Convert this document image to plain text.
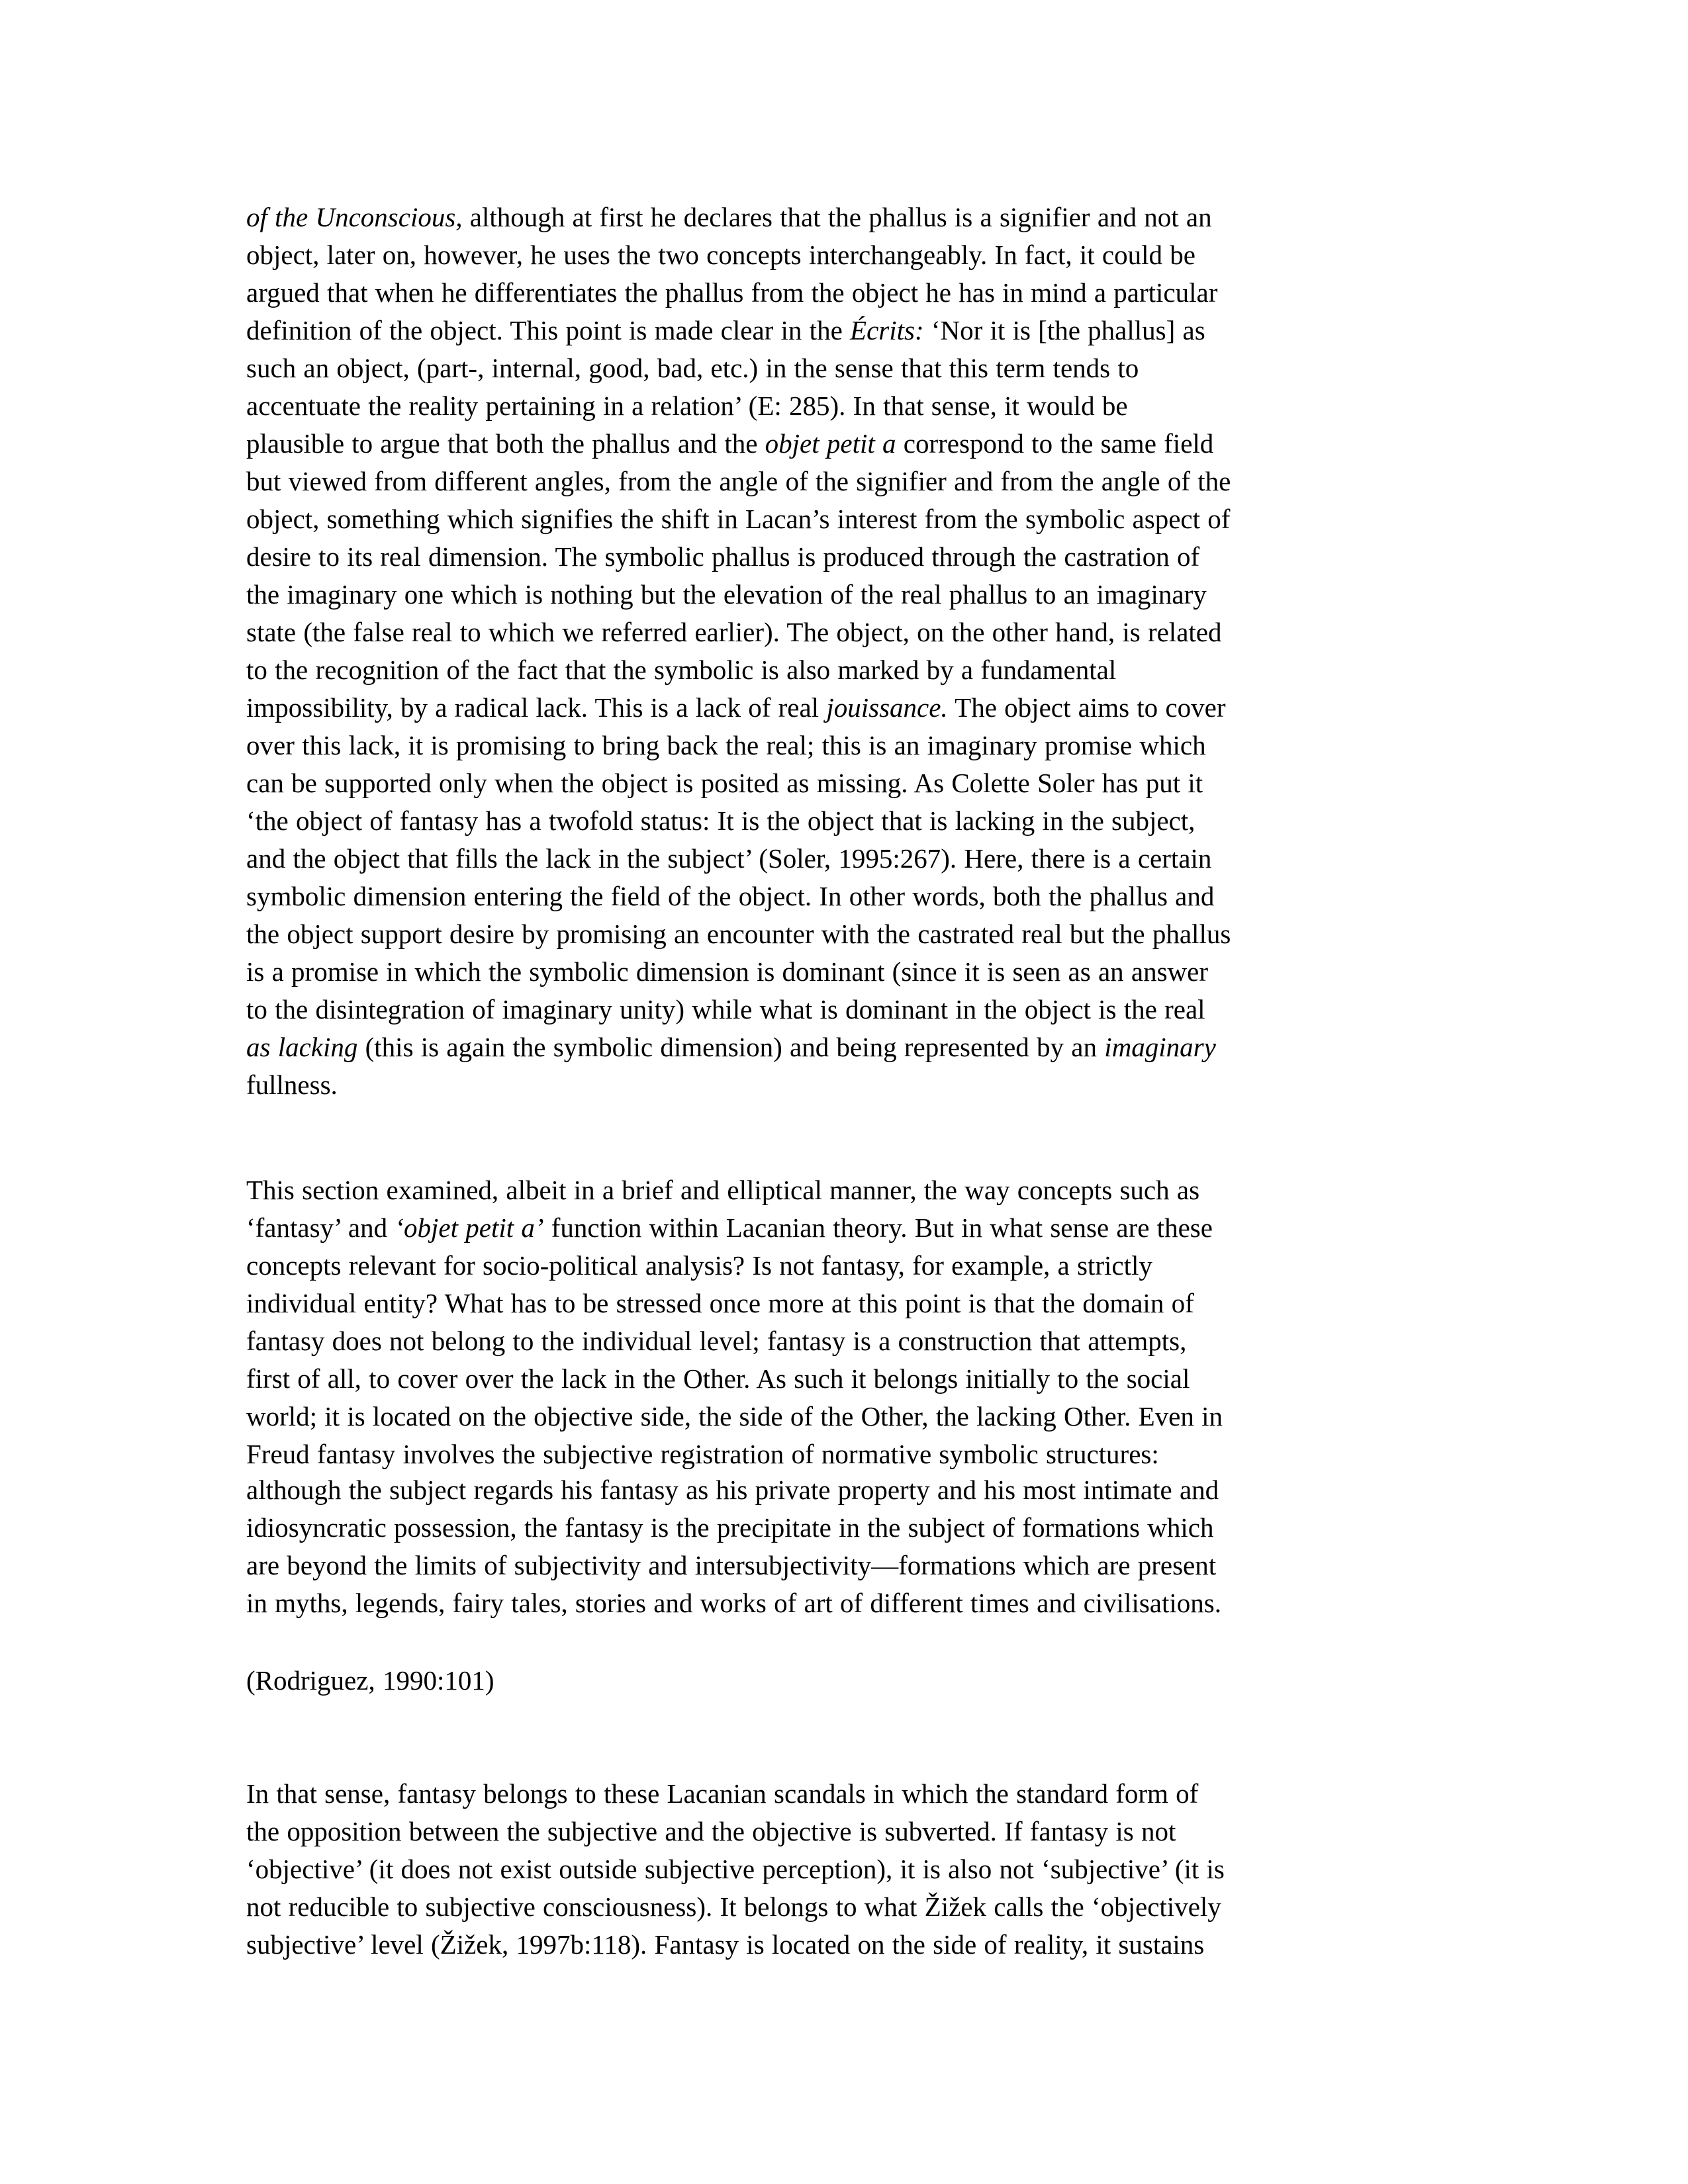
of the Unconscious, although at first he declares that the phallus is a signifier and not an
object, later on, however, he uses the two concepts interchangeably. In fact, it could be
argued that when he differentiates the phallus from the object he has in mind a particular
definition of the object. This point is made clear in the Écrits: ‘Nor it is [the phallus] as
such an object, (part-, internal, good, bad, etc.) in the sense that this term tends to
accentuate the reality pertaining in a relation’ (E: 285). In that sense, it would be
plausible to argue that both the phallus and the objet petit a correspond to the same field
but viewed from different angles, from the angle of the signifier and from the angle of the
object, something which signifies the shift in Lacan’s interest from the symbolic aspect of
desire to its real dimension. The symbolic phallus is produced through the castration of
the imaginary one which is nothing but the elevation of the real phallus to an imaginary
state (the false real to which we referred earlier). The object, on the other hand, is related
to the recognition of the fact that the symbolic is also marked by a fundamental
impossibility, by a radical lack. This is a lack of real jouissance. The object aims to cover
over this lack, it is promising to bring back the real; this is an imaginary promise which
can be supported only when the object is posited as missing. As Colette Soler has put it
‘the object of fantasy has a twofold status: It is the object that is lacking in the subject,
and the object that fills the lack in the subject’ (Soler, 1995:267). Here, there is a certain
symbolic dimension entering the field of the object. In other words, both the phallus and
the object support desire by promising an encounter with the castrated real but the phallus
is a promise in which the symbolic dimension is dominant (since it is seen as an answer
to the disintegration of imaginary unity) while what is dominant in the object is the real
as lacking (this is again the symbolic dimension) and being represented by an imaginary
fullness.
This section examined, albeit in a brief and elliptical manner, the way concepts such as
‘fantasy’ and ‘objet petit a’ function within Lacanian theory. But in what sense are these
concepts relevant for socio-political analysis? Is not fantasy, for example, a strictly
individual entity? What has to be stressed once more at this point is that the domain of
fantasy does not belong to the individual level; fantasy is a construction that attempts,
first of all, to cover over the lack in the Other. As such it belongs initially to the social
world; it is located on the objective side, the side of the Other, the lacking Other. Even in
Freud fantasy involves the subjective registration of normative symbolic structures:
although the subject regards his fantasy as his private property and his most intimate and
idiosyncratic possession, the fantasy is the precipitate in the subject of formations which
are beyond the limits of subjectivity and intersubjectivity—formations which are present
in myths, legends, fairy tales, stories and works of art of different times and civilisations.
(Rodriguez, 1990:101)
In that sense, fantasy belongs to these Lacanian scandals in which the standard form of
the opposition between the subjective and the objective is subverted. If fantasy is not
‘objective’ (it does not exist outside subjective perception), it is also not ‘subjective’ (it is
not reducible to subjective consciousness). It belongs to what Žižek calls the ‘objectively
subjective’ level (Žižek, 1997b:118). Fantasy is located on the side of reality, it sustains
